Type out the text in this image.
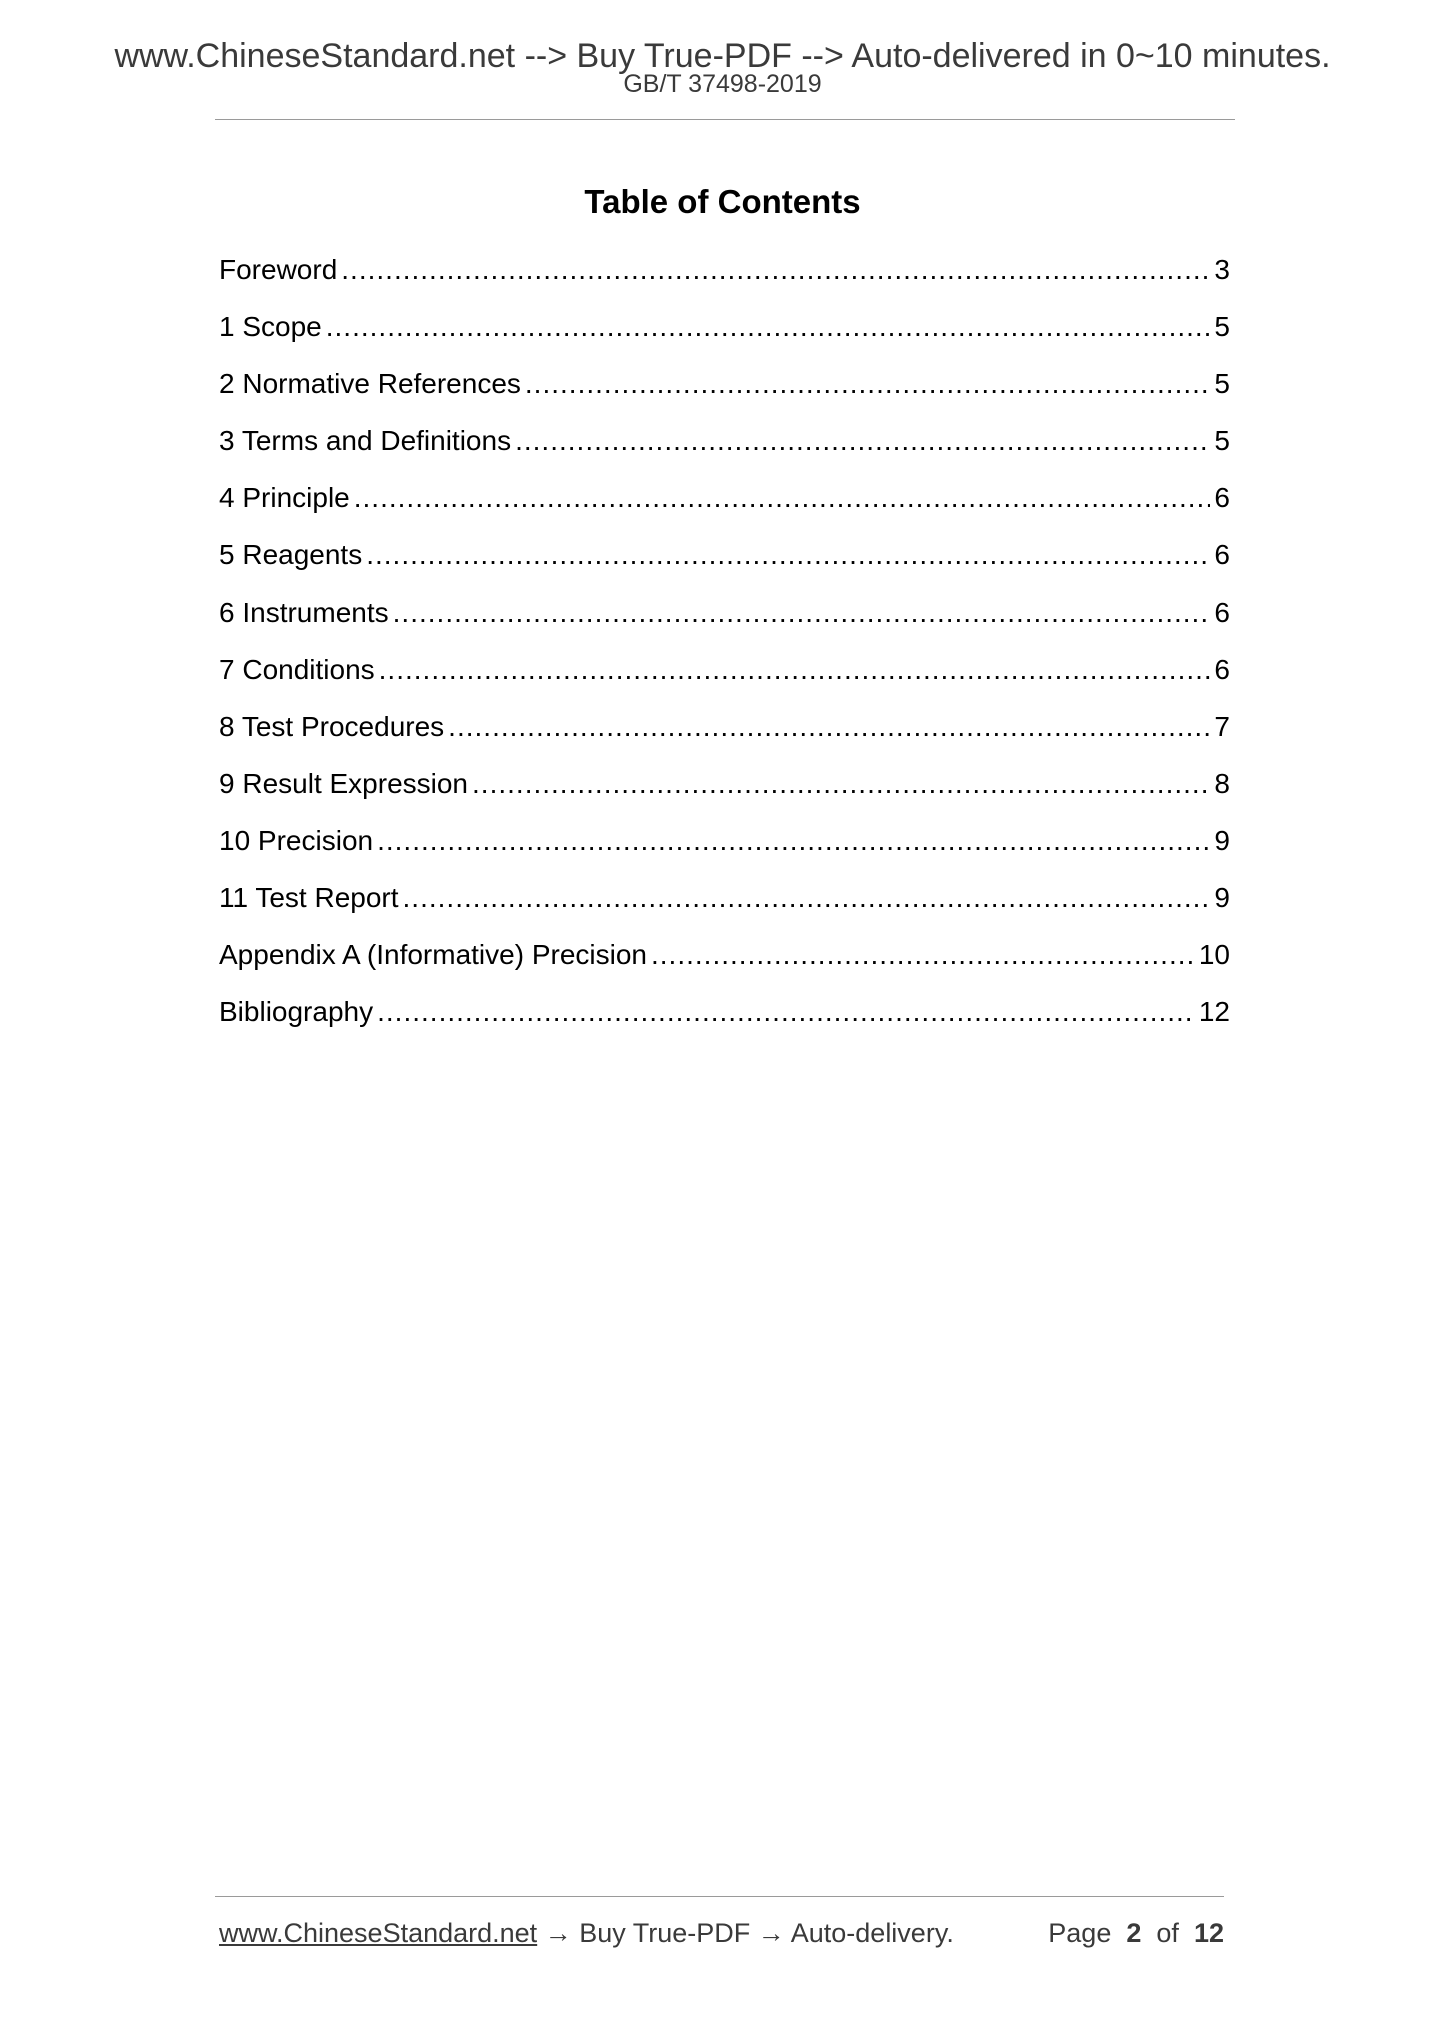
www.ChineseStandard.net --> Buy True-PDF --> Auto-delivered in 0~10 minutes.
GB/T 37498-2019
Table of Contents
Foreword .....	3
1 Scope .....	5
2 Normative References .....	5
3 Terms and Definitions .....	5
4 Principle .....	6
5 Reagents .....	6
6 Instruments .....	6
7 Conditions .....	6
8 Test Procedures .....	7
9 Result Expression .....	8
10 Precision .....	9
11 Test Report .....	9
Appendix A (Informative) Precision .....	10
Bibliography .....	12
www.ChineseStandard.net → Buy True-PDF → Auto-delivery.	Page 2 of 12
